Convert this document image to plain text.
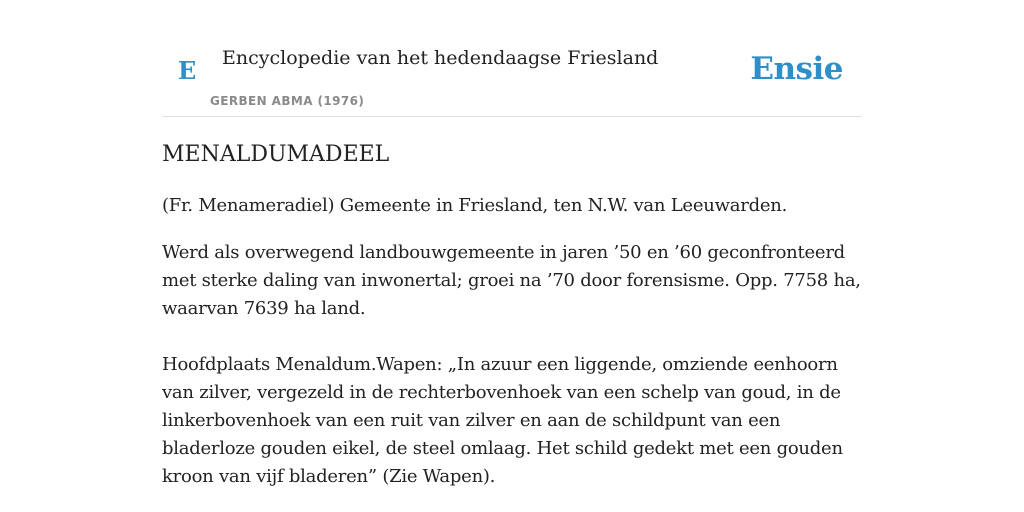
E Encyclopedie van het hedendaagse Friesland
GERBEN ABMA (1976)
Ensie
MENALDUMADEEL

(Fr. Menameradiel) Gemeente in Friesland, ten N.W. van Leeuwarden.

Werd als overwegend landbouwgemeente in jaren ’50 en ’60 geconfronteerd met sterke daling van inwonertal; groei na ’70 door forensisme. Opp. 7758 ha, waarvan 7639 ha land.

Hoofdplaats Menaldum.Wapen: „In azuur een liggende, omziende eenhoorn van zilver, vergezeld in de rechterbovenhoek van een schelp van goud, in de linkerbovenhoek van een ruit van zilver en aan de schildpunt van een bladerloze gouden eikel, de steel omlaag. Het schild gedekt met een gouden kroon van vijf bladeren” (Zie Wapen).
